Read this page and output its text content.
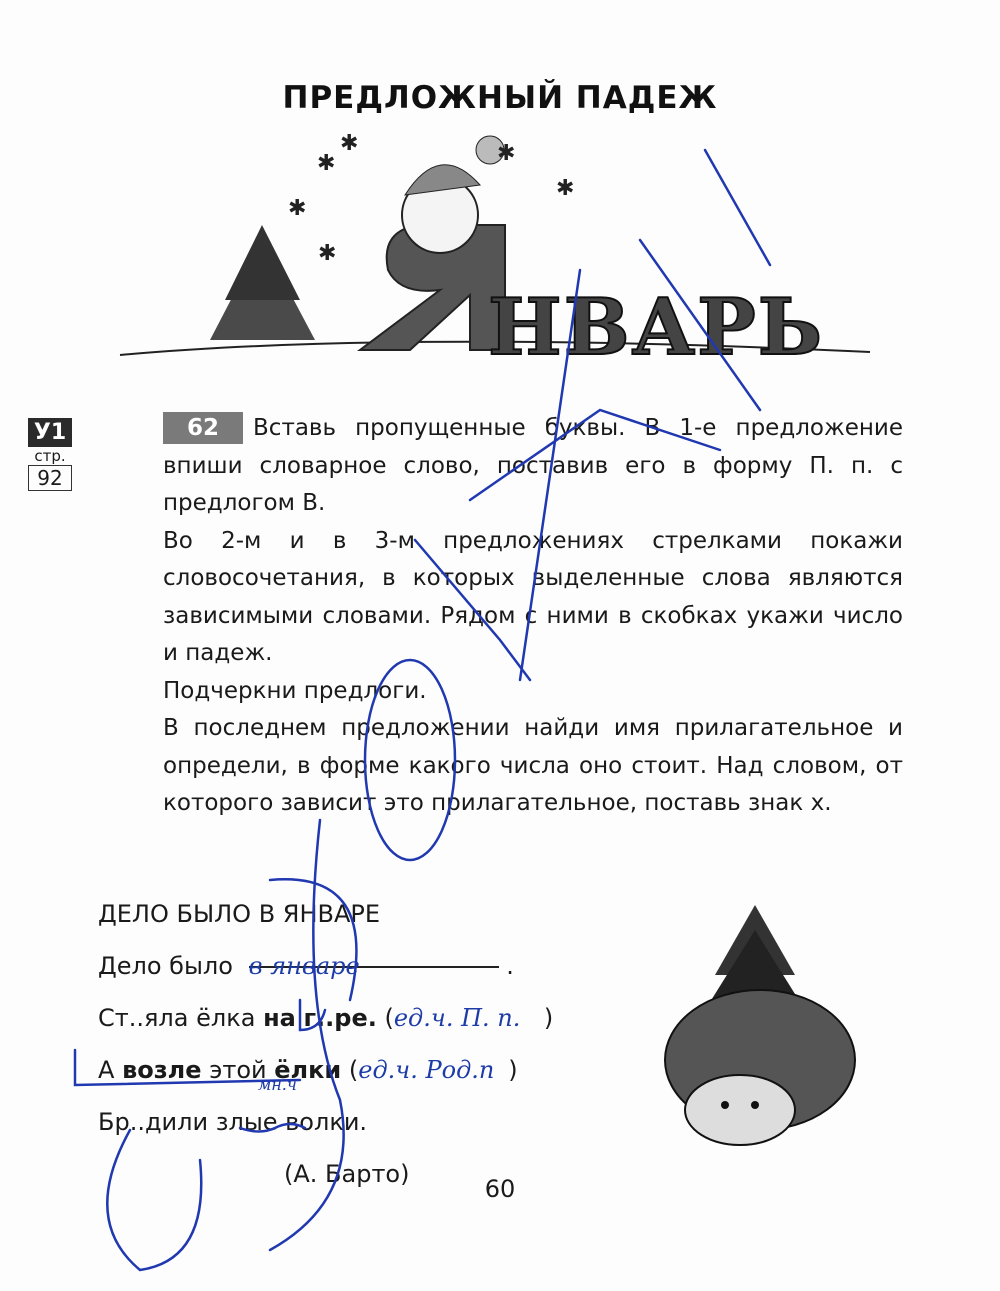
ПРЕДЛОЖНЫЙ ПАДЕЖ
✱
✱
✱
✱
✱
✱
НВАРЬ
У1
стр.
92

62 Вставь пропущенные буквы. В 1-е предложение впиши словарное слово, поставив его в форму П. п. с предлогом В.

Во 2-м и в 3-м предложениях стрелками покажи словосочетания, в которых выделенные слова являются зависимыми словами. Рядом с ними в скобках укажи число и падеж.

Подчеркни предлоги.

В последнем предложении найди имя прилагательное и определи, в форме какого числа оно стоит. Над словом, от которого зависит это прилагательное, поставь знак х.

ДЕЛО БЫЛО В ЯНВАРЕ
Дело было в январе	.
Ст..яла ёлка на г..ре. (ед.ч. П. п. )
А возле этой ёлки (ед.ч. Род.п )
Бр..дили злые волки.
(А. Барто)
мн.ч
60
